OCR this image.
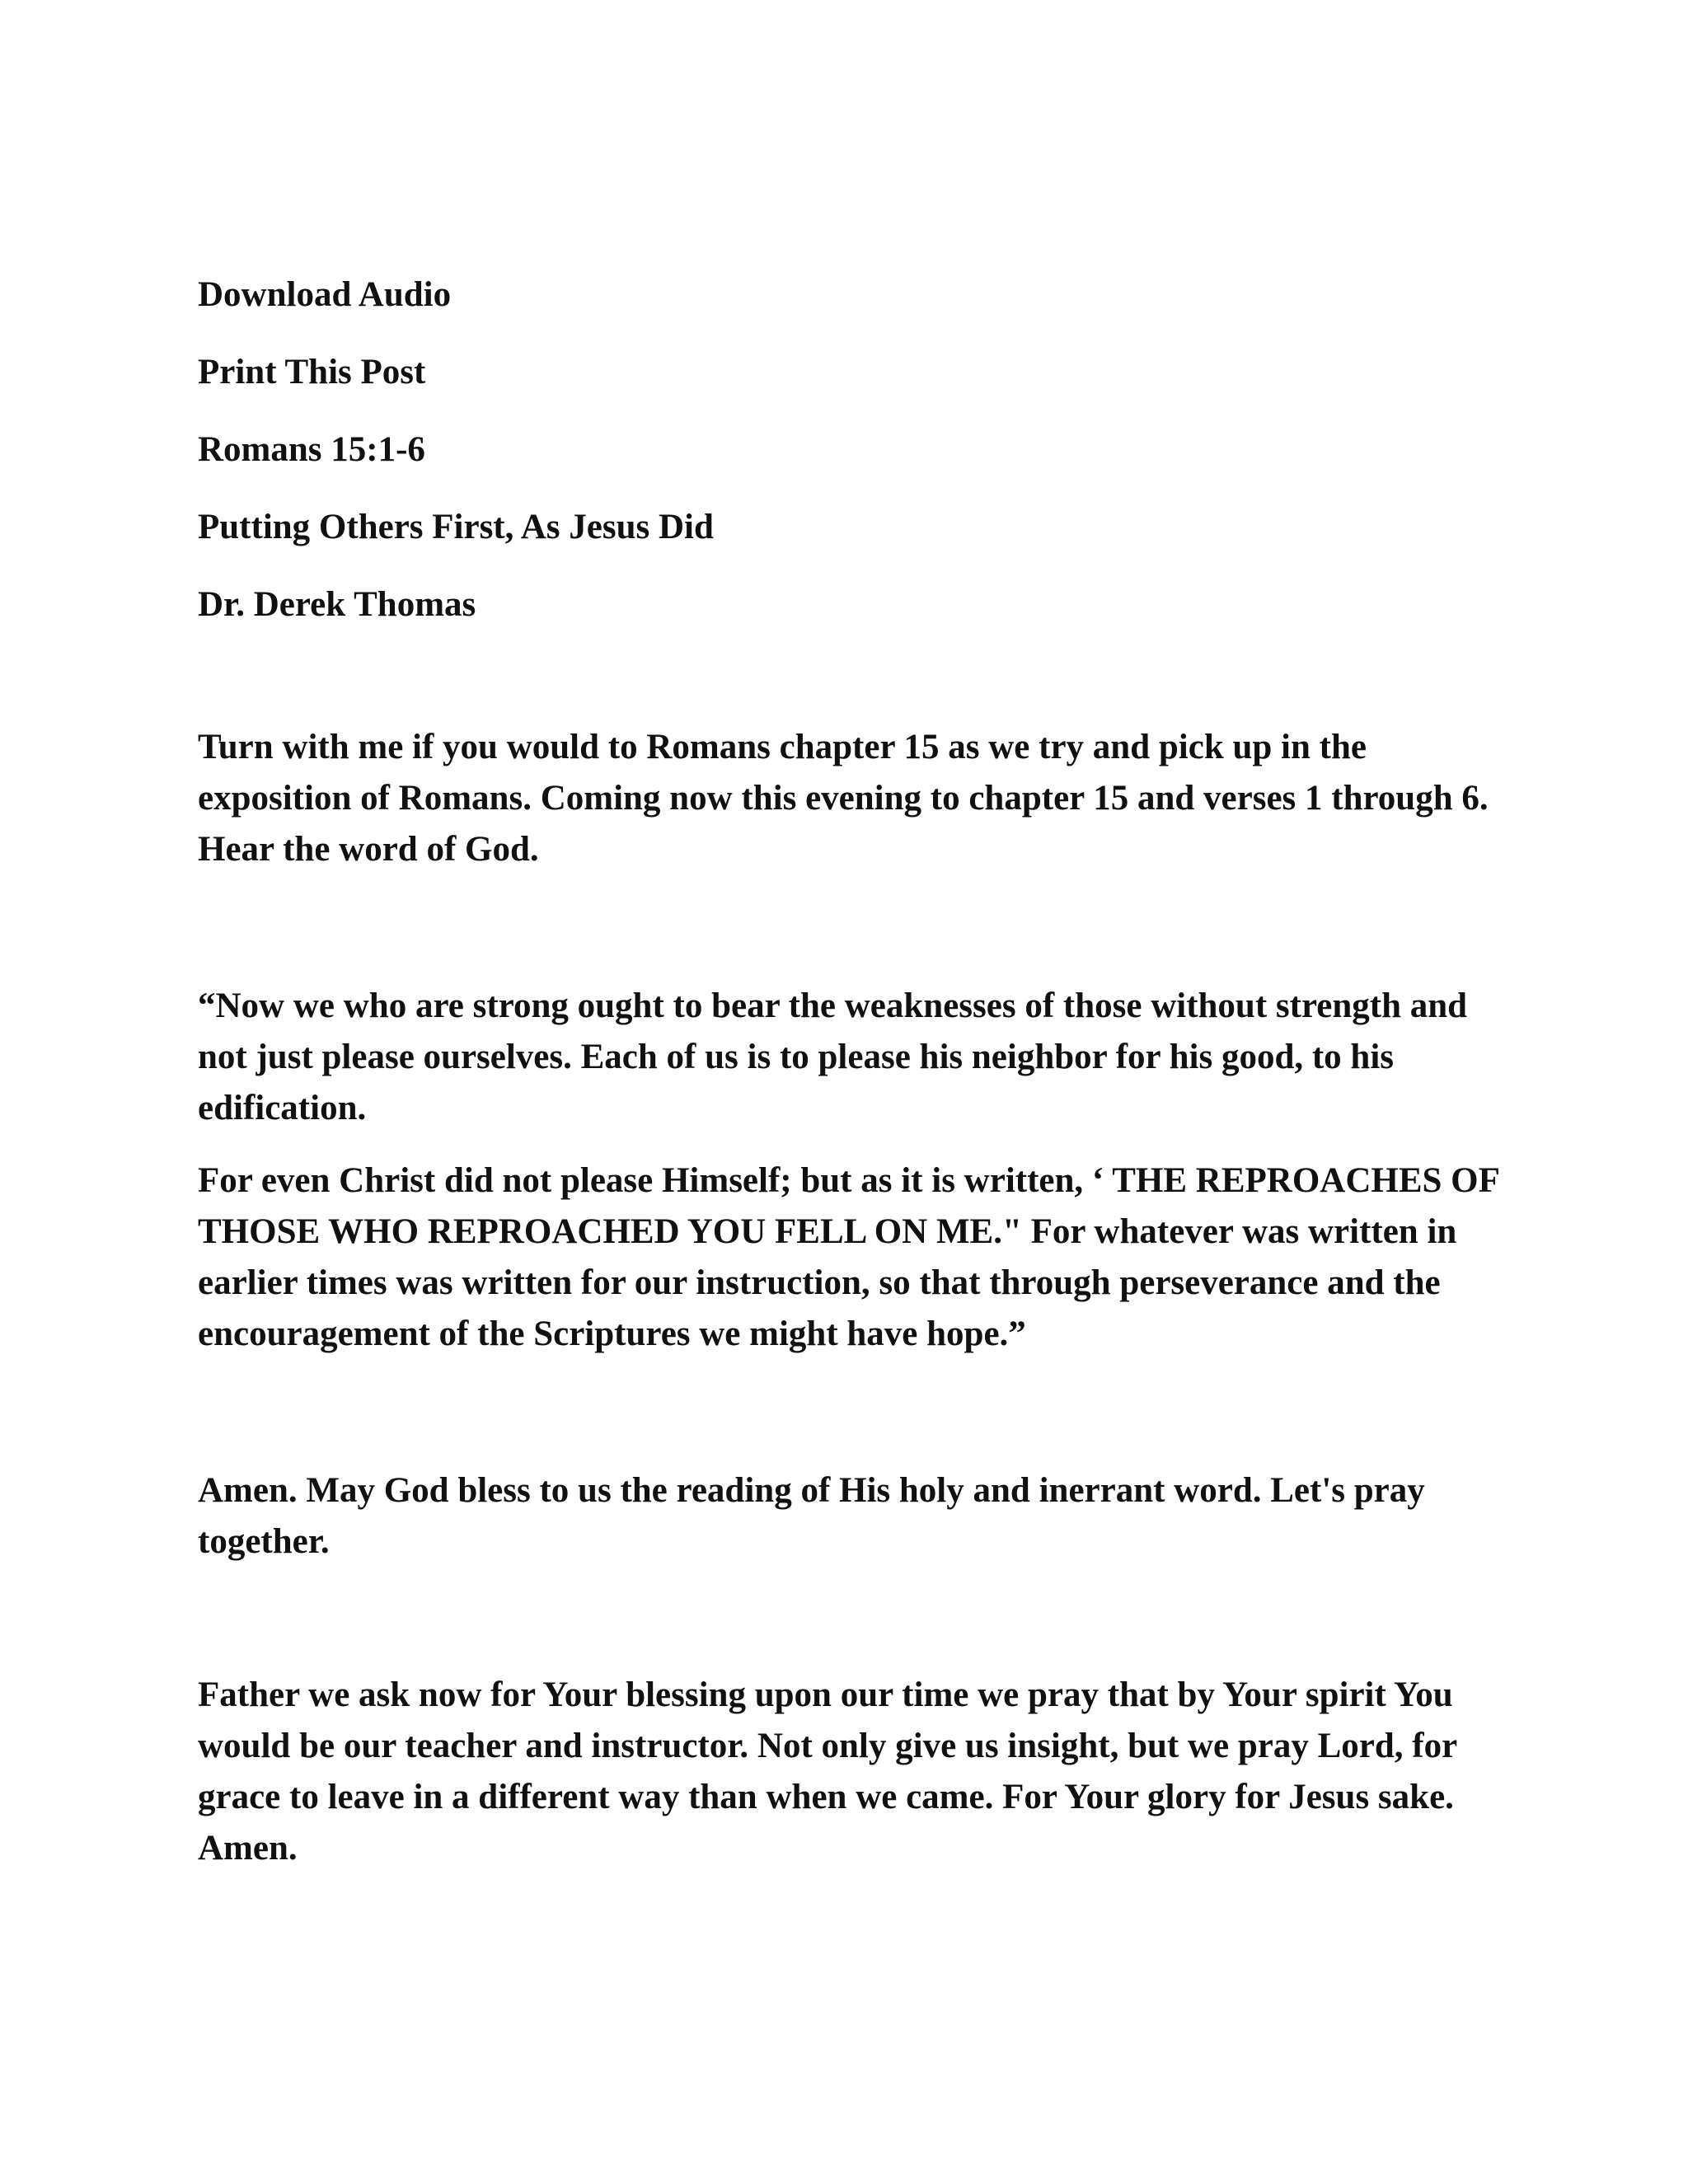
Download Audio
Print This Post
Romans 15:1-6
Putting Others First, As Jesus Did
Dr. Derek Thomas

Turn with me if you would to Romans chapter 15 as we try and pick up in the exposition of Romans. Coming now this evening to chapter 15 and verses 1 through 6. Hear the word of God.

“Now we who are strong ought to bear the weaknesses of those without strength and not just please ourselves. Each of us is to please his neighbor for his good, to his edification.

For even Christ did not please Himself; but as it is written, ‘ THE REPROACHES OF THOSE WHO REPROACHED YOU FELL ON ME." For whatever was written in earlier times was written for our instruction, so that through perseverance and the encouragement of the Scriptures we might have hope.”

Amen. May God bless to us the reading of His holy and inerrant word. Let's pray together.

Father we ask now for Your blessing upon our time we pray that by Your spirit You would be our teacher and instructor. Not only give us insight, but we pray Lord, for grace to leave in a different way than when we came. For Your glory for Jesus sake. Amen.
